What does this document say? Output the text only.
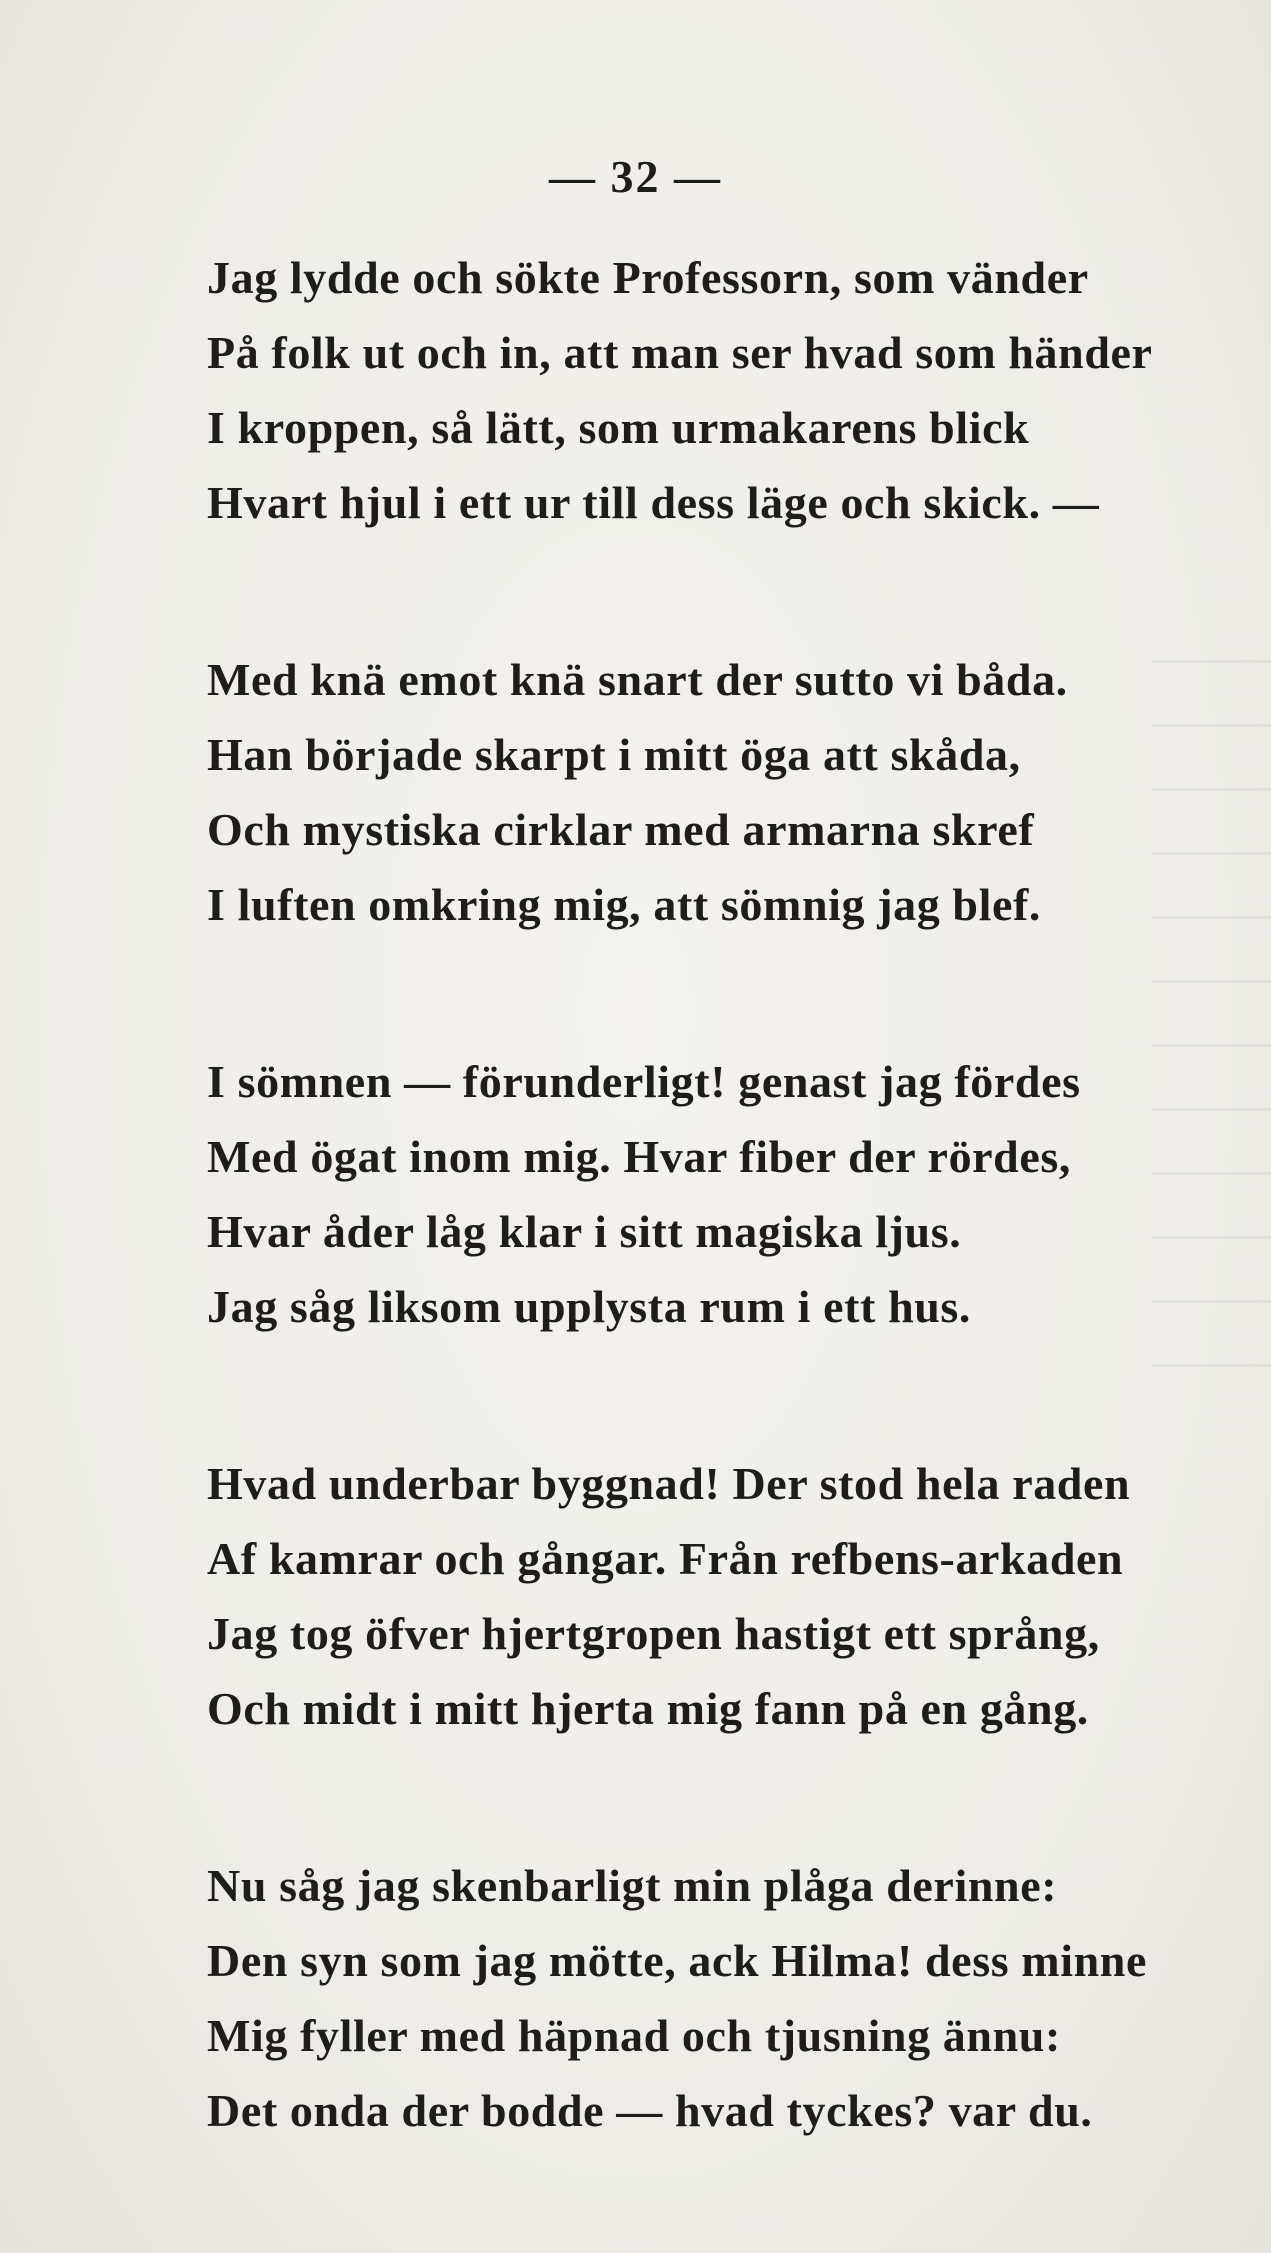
— 32 —
Jag lydde och sökte Professorn, som vänder
På folk ut och in, att man ser hvad som händer
I kroppen, så lätt, som urmakarens blick
Hvart hjul i ett ur till dess läge och skick. —
Med knä emot knä snart der sutto vi båda.
Han började skarpt i mitt öga att skåda,
Och mystiska cirklar med armarna skref
I luften omkring mig, att sömnig jag blef.
I sömnen — förunderligt! genast jag fördes
Med ögat inom mig. Hvar fiber der rördes,
Hvar åder låg klar i sitt magiska ljus.
Jag såg liksom upplysta rum i ett hus.
Hvad underbar byggnad! Der stod hela raden
Af kamrar och gångar. Från refbens-arkaden
Jag tog öfver hjertgropen hastigt ett språng,
Och midt i mitt hjerta mig fann på en gång.
Nu såg jag skenbarligt min plåga derinne:
Den syn som jag mötte, ack Hilma! dess minne
Mig fyller med häpnad och tjusning ännu:
Det onda der bodde — hvad tyckes? var du.
